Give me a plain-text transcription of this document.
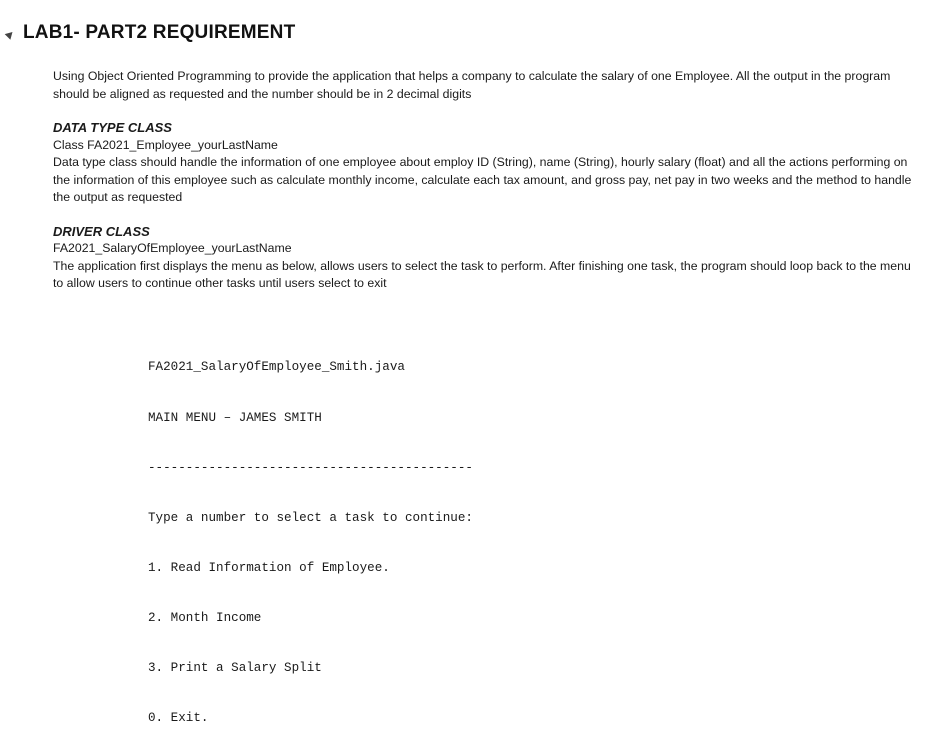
LAB1- PART2 REQUIREMENT

Using Object Oriented Programming to provide the application that helps a company to calculate the salary of one Employee. All the output in the program should be aligned as requested and the number should be in 2 decimal digits

DATA TYPE CLASS

Class FA2021_Employee_yourLastName

Data type class should handle the information of one employee about employ ID (String), name (String), hourly salary (float) and all the actions performing on the information of this employee such as calculate monthly income, calculate each tax amount, and gross pay, net pay in two weeks and the method to handle the output as requested

DRIVER CLASS

FA2021_SalaryOfEmployee_yourLastName

The application first displays the menu as below, allows users to select the task to perform. After finishing one task, the program should loop back to the menu to allow users to continue other tasks until users select to exit

FA2021_SalaryOfEmployee_Smith.java

MAIN MENU – JAMES SMITH

-------------------------------------------

Type a number to select a task to continue:

1. Read Information of Employee.

2. Month Income

3. Print a Salary Split

0. Exit.
